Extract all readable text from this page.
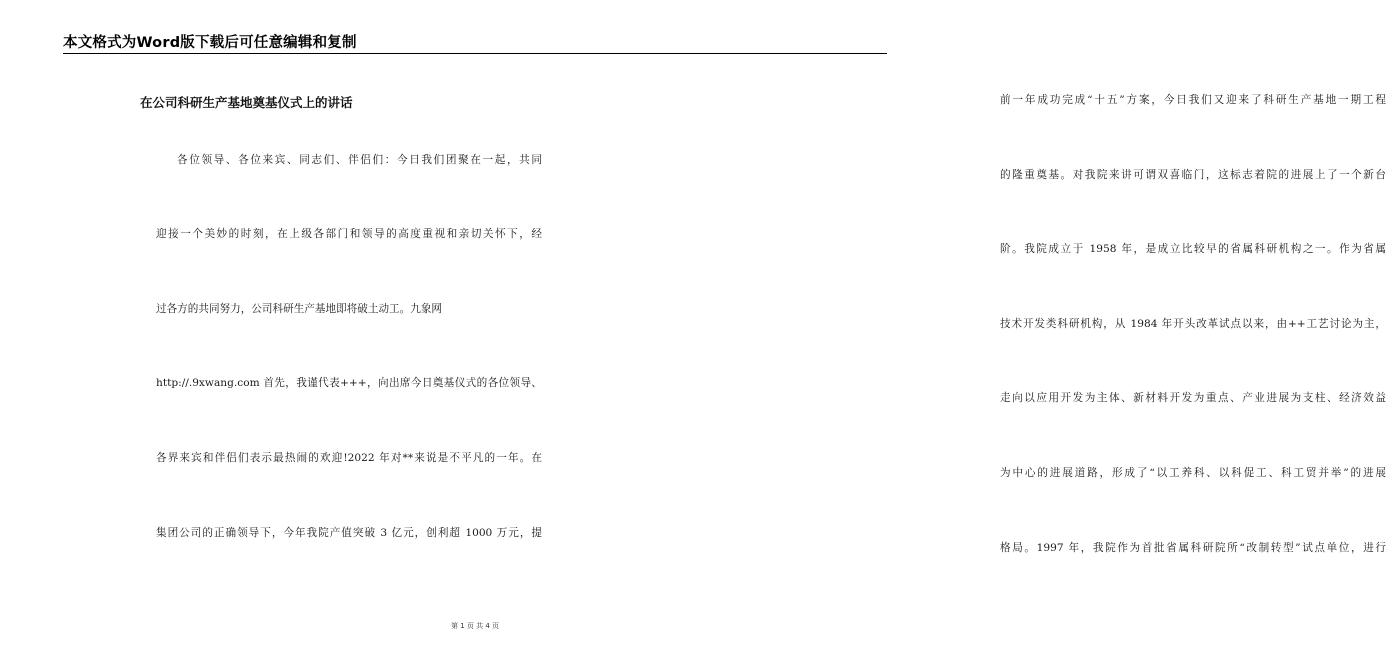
本文格式为Word版下载后可任意编辑和复制
在公司科研生产基地奠基仪式上的讲话
各位领导、各位来宾、同志们、伴侣们：今日我们团聚在一起，共同
迎接一个美妙的时刻，在上级各部门和领导的高度重视和亲切关怀下，经
过各方的共同努力，公司科研生产基地即将破土动工。九象网
http://.9xwang.com 首先，我谨代表+++，向出席今日奠基仪式的各位领导、
各界来宾和伴侣们表示最热闹的欢迎!2022 年对**来说是不平凡的一年。在
集团公司的正确领导下，今年我院产值突破 3 亿元，创利超 1000 万元，提
前一年成功完成“十五”方案，今日我们又迎来了科研生产基地一期工程
的隆重奠基。对我院来讲可谓双喜临门，这标志着院的进展上了一个新台
阶。我院成立于 1958 年，是成立比较早的省属科研机构之一。作为省属
技术开发类科研机构，从 1984 年开头改革试点以来，由++工艺讨论为主，
走向以应用开发为主体、新材料开发为重点、产业进展为支柱、经济效益
为中心的进展道路，形成了“以工养科、以科促工、科工贸并举”的进展
格局。1997 年，我院作为首批省属科研院所“改制转型”试点单位，进行
第 1 页 共 4 页
